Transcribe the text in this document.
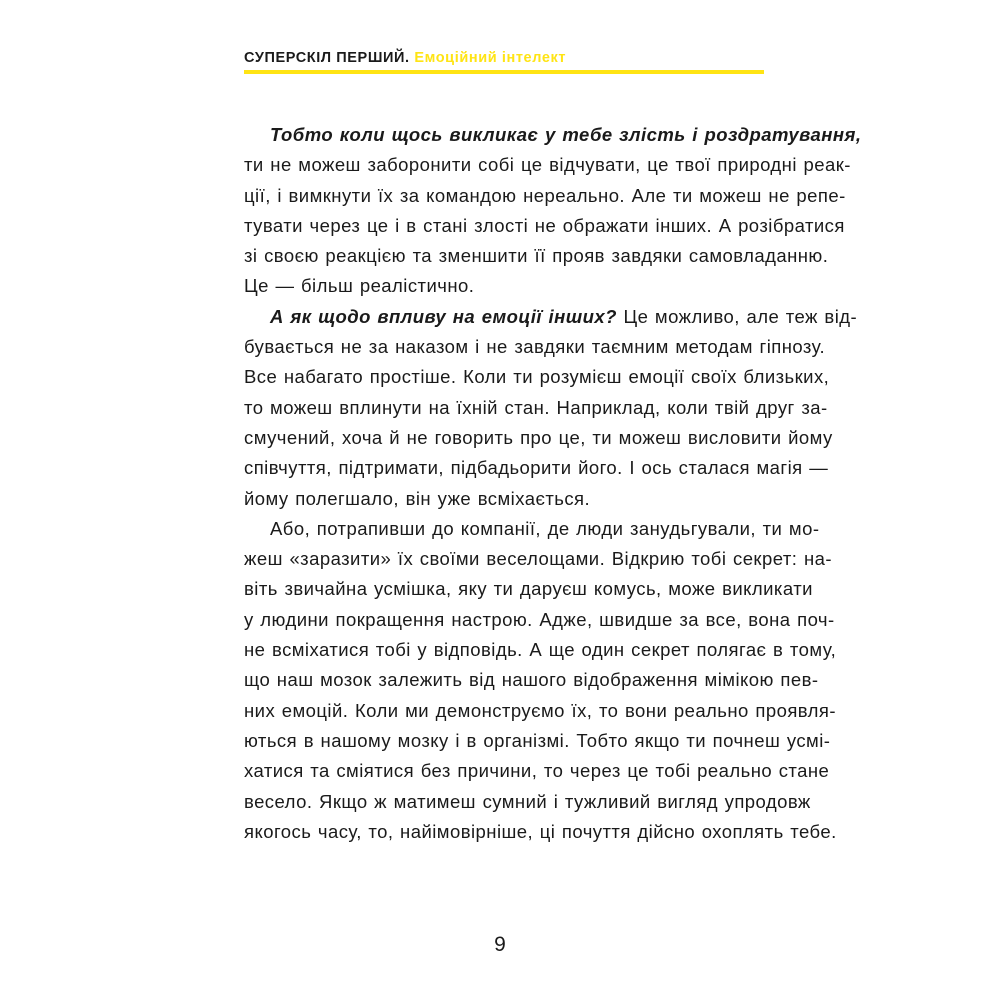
СУПЕРСКІЛ ПЕРШИЙ. Емоційний інтелект
Тобто коли щось викликає у тебе злість і роздратування,
ти не можеш заборонити собі це відчувати, це твої природні реак-
ції, і вимкнути їх за командою нереально. Але ти можеш не репе-
тувати через це і в стані злості не ображати інших. А розібратися
зі своєю реакцією та зменшити її прояв завдяки самовладанню.
Це — більш реалістично.
А як щодо впливу на емоції інших? Це можливо, але теж від-
бувається не за наказом і не завдяки таємним методам гіпнозу.
Все набагато простіше. Коли ти розумієш емоції своїх близьких,
то можеш вплинути на їхній стан. Наприклад, коли твій друг за-
смучений, хоча й не говорить про це, ти можеш висловити йому
співчуття, підтримати, підбадьорити його. І ось сталася магія —
йому полегшало, він уже всміхається.
Або, потрапивши до компанії, де люди занудьгували, ти мо-
жеш «заразити» їх своїми веселощами. Відкрию тобі секрет: на-
віть звичайна усмішка, яку ти даруєш комусь, може викликати
у людини покращення настрою. Адже, швидше за все, вона поч-
не всміхатися тобі у відповідь. А ще один секрет полягає в тому,
що наш мозок залежить від нашого відображення мімікою пев-
них емоцій. Коли ми демонструємо їх, то вони реально проявля-
ються в нашому мозку і в організмі. Тобто якщо ти почнеш усмі-
хатися та сміятися без причини, то через це тобі реально стане
весело. Якщо ж матимеш сумний і тужливий вигляд упродовж
якогось часу, то, найімовірніше, ці почуття дійсно охоплять тебе.
9
